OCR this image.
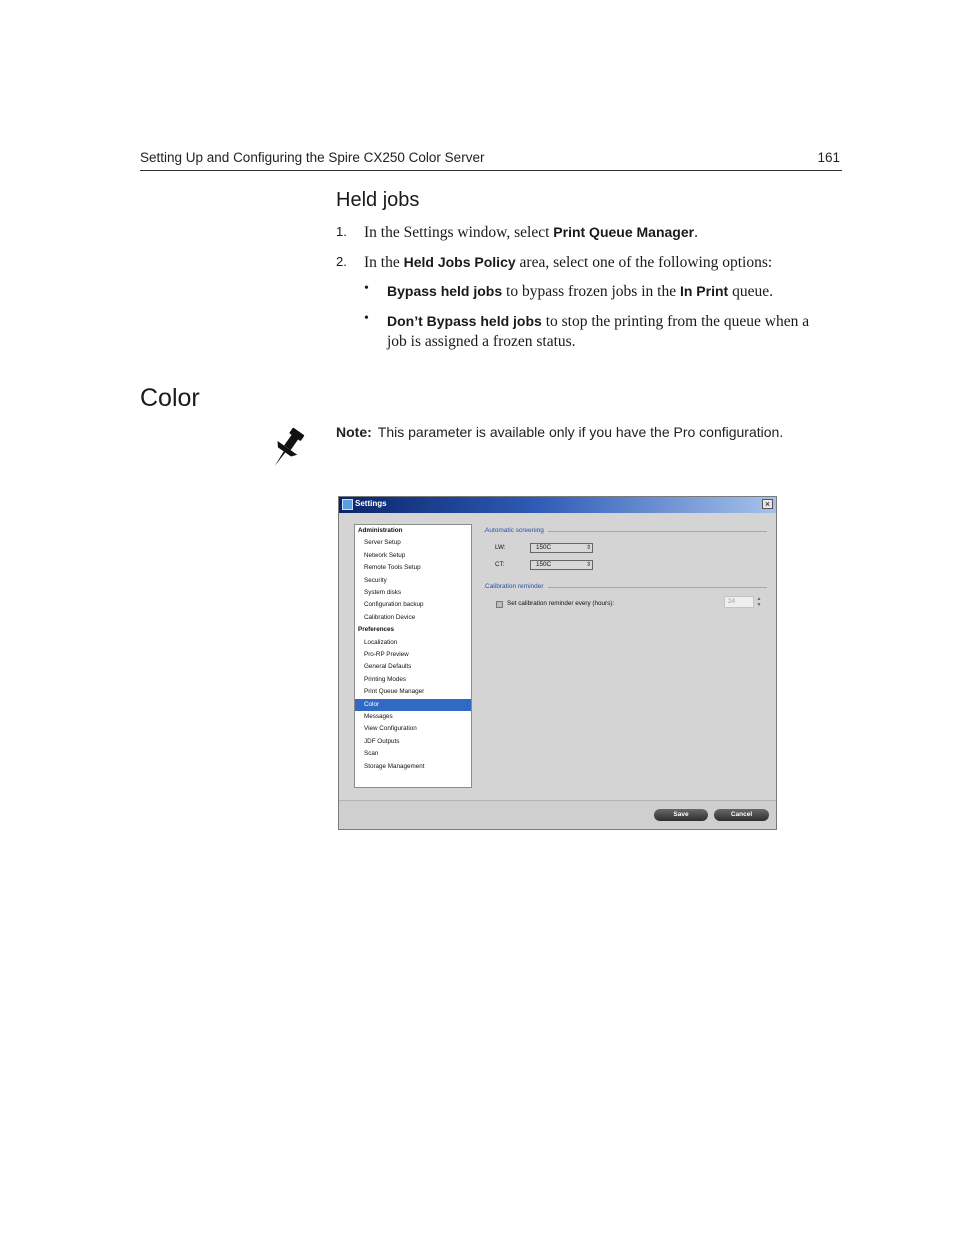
Setting Up and Configuring the Spire CX250 Color Server	161
Held jobs
1. In the Settings window, select Print Queue Manager.
2. In the Held Jobs Policy area, select one of the following options:
• Bypass held jobs to bypass frozen jobs in the In Print queue.
• Don’t Bypass held jobs to stop the printing from the queue when a
job is assigned a frozen status.
Color
Note: This parameter is available only if you have the Pro configuration.
Settings	×
Administration
Server Setup
Network Setup
Remote Tools Setup
Security
System disks
Configuration backup
Calibration Device
Preferences
Localization
Pro-RP Preview
General Defaults
Printing Modes
Print Queue Manager
Color
Messages
View Configuration
JDF Outputs
Scan
Storage Management
Automatic screening
LW:	150C	⇕
CT:	150C	⇕
Calibration reminder
Set calibration reminder every (hours):	24	▲
▼
Save	Cancel
